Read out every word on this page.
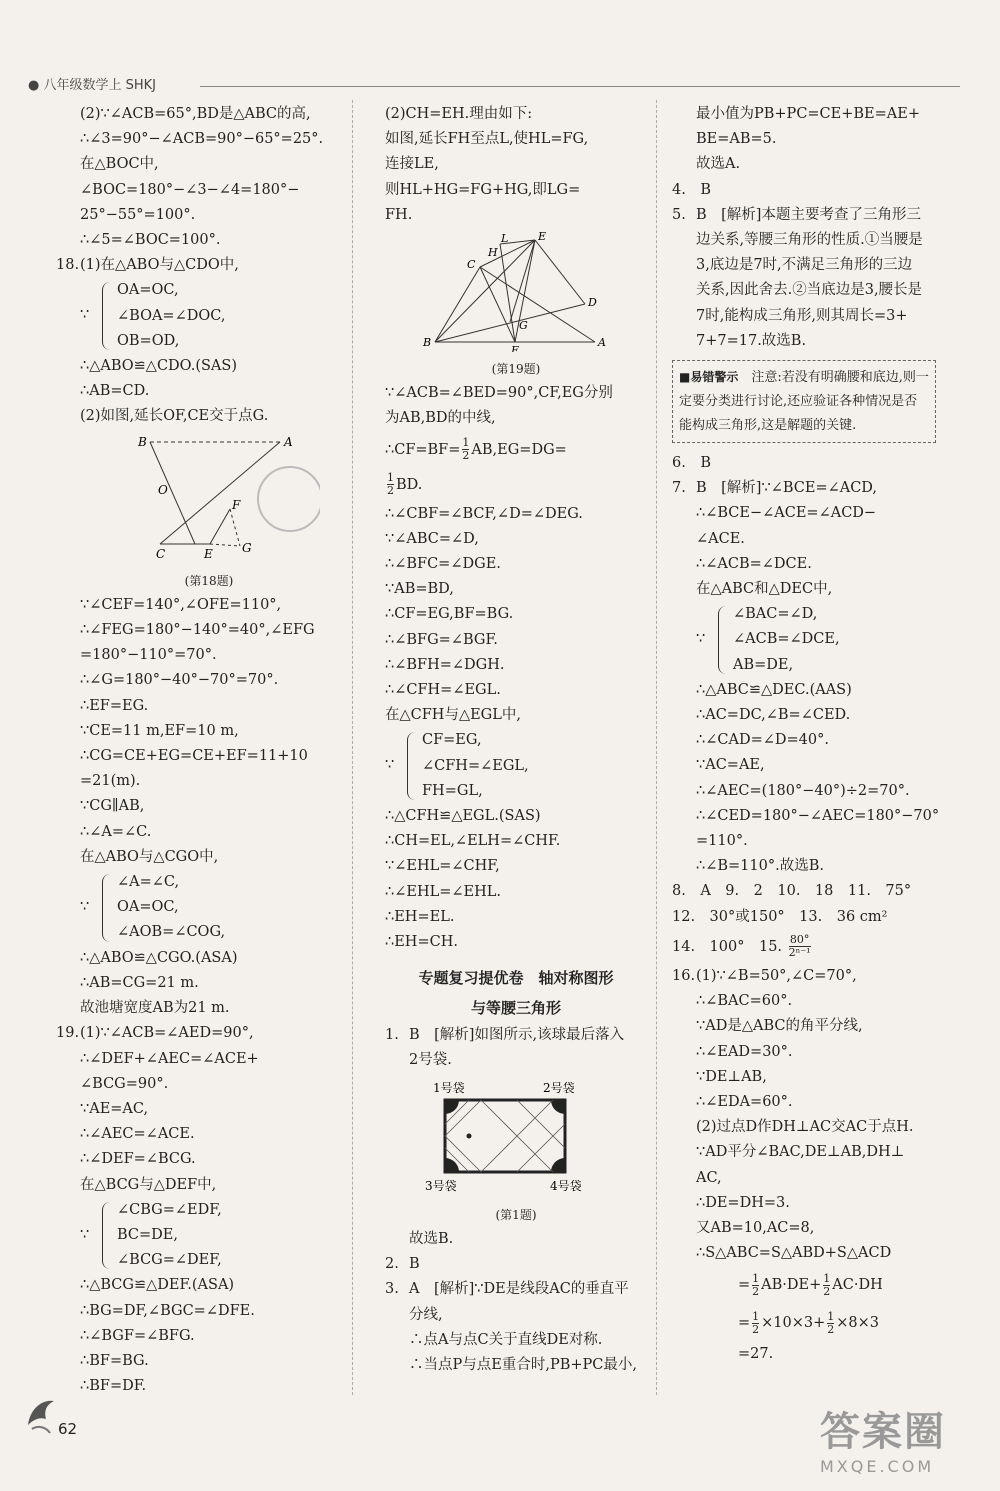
● 八年级数学上 SHKJ
(2)∵∠ACB=65°,BD是△ABC的高,
∴∠3=90°−∠ACB=90°−65°=25°.
在△BOC中,
∠BOC=180°−∠3−∠4=180°−
25°−55°=100°.
∴∠5=∠BOC=100°.
18.(1)在△ABO与△CDO中,
∵
OA=OC,
∠BOA=∠DOC,
OB=OD,
∴△ABO≌△CDO.(SAS)
∴AB=CD.
(2)如图,延长OF,CE交于点G.
B	A
O
F
C	E G
(第18题)
∵∠CEF=140°,∠OFE=110°,
∴∠FEG=180°−140°=40°,∠EFG
=180°−110°=70°.
∴∠G=180°−40°−70°=70°.
∴EF=EG.
∵CE=11 m,EF=10 m,
∴CG=CE+EG=CE+EF=11+10
=21(m).
∵CG∥AB,
∴∠A=∠C.
在△ABO与△CGO中,
∵
∠A=∠C,
OA=OC,
∠AOB=∠COG,
∴△ABO≌△CGO.(ASA)
∴AB=CG=21 m.
故池塘宽度AB为21 m.
19.(1)∵∠ACB=∠AED=90°,
∴∠DEF+∠AEC=∠ACE+
∠BCG=90°.
∵AE=AC,
∴∠AEC=∠ACE.
∴∠DEF=∠BCG.
在△BCG与△DEF中,
∵
∠CBG=∠EDF,
BC=DE,
∠BCG=∠DEF,
∴△BCG≌△DEF.(ASA)
∴BG=DF,∠BGC=∠DFE.
∴∠BGF=∠BFG.
∴BF=BG.
∴BF=DF.
(2)CH=EH.理由如下:
如图,延长FH至点L,使HL=FG,
连接LE,
则HL+HG=FG+HG,即LG=
FH.
L	E
H
C
D
G
B	A
F
(第19题)
∵∠ACB=∠BED=90°,CF,EG分别
为AB,BD的中线,
∴CF=BF= $\frac{1}{2} AB,EG=DG=$
$\frac{1}{2}$ BD.
∴∠CBF=∠BCF,∠D=∠DEG.
∵∠ABC=∠D,
∴∠BFC=∠DGE.
∵AB=BD,
∴CF=EG,BF=BG.
∴∠BFG=∠BGF.
∴∠BFH=∠DGH.
∴∠CFH=∠EGL.
在△CFH与△EGL中,
∵
CF=EG,
∠CFH=∠EGL,
FH=GL,
∴△CFH≌△EGL.(SAS)
∴CH=EL,∠ELH=∠CHF.
∵∠EHL=∠CHF,
∴∠EHL=∠EHL.
∴EH=EL.
∴EH=CH.
专题复习提优卷　轴对称图形
与等腰三角形
1. B　[解析]如图所示,该球最后落入
2号袋.
1号袋	2号袋
3号袋	4号袋
(第1题)
故选B.
2. B
3. A　[解析]∵DE是线段AC的垂直平
分线,
∴点A与点C关于直线DE对称.
∴当点P与点E重合时,PB+PC最小,
最小值为PB+PC=CE+BE=AE+
BE=AB=5.
故选A.
4.　B
5. B　[解析]本题主要考查了三角形三
边关系,等腰三角形的性质.①当腰是
3,底边是7时,不满足三角形的三边
关系,因此舍去.②当底边是3,腰长是
7时,能构成三角形,则其周长=3+
7+7=17.故选B.
■易错警示　 注意:若没有明确腰和底边,则一定要分类进行讨论,还应验证各种情况是否能构成三角形,这是解题的关键.
6.　B
7. B　[解析]∵∠BCE=∠ACD,
∴∠BCE−∠ACE=∠ACD−
∠ACE.
∴∠ACB=∠DCE.
在△ABC和△DEC中,
∵
∠BAC=∠D,
∠ACB=∠DCE,
AB=DE,
∴△ABC≌△DEC.(AAS)
∴AC=DC,∠B=∠CED.
∴∠CAD=∠D=40°.
∵AC=AE,
∴∠AEC=(180°−40°)÷2=70°.
∴∠CED=180°−∠AEC=180°−70°
=110°.
∴∠B=110°.故选B.
8.　A　9.　2　10.　18　11.　75°
12.　30°或150°　13.　36 cm²
14.　100°　15. $\frac{80^\circ}{\text{2ⁿ⁻¹}}$
16.(1)∵∠B=50°,∠C=70°,
∴∠BAC=60°.
∵AD是△ABC的角平分线,
∴∠EAD=30°.
∵DE⊥AB,
∴∠EDA=60°.
(2)过点D作DH⊥AC交AC于点H.
∵AD平分∠BAC,DE⊥AB,DH⊥
AC,
∴DE=DH=3.
又AB=10,AC=8,
∴S△ABC=S△ABD+S△ACD
= $\frac{1}{2} AB\cdot DE+ \frac{1}{2} AC\cdot DH$
= $\frac{1}{2} \times 10\times 3+ \frac{1}{2} \times 8\times 3$
=27.
62	答案圈
MXQE.COM
